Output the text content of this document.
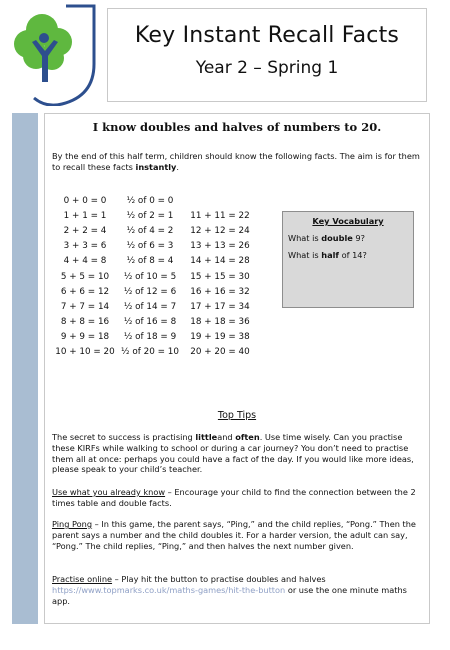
Key Instant Recall Facts
Year 2 – Spring 1
I know doubles and halves of numbers to 20.
By the end of this half term, children should know the following facts. The aim is for them to recall these facts instantly.
0 + 0 = 0	½ of 0 = 0	
1 + 1 = 1	½ of 2 = 1	11 + 11 = 22
2 + 2 = 4	½ of 4 = 2	12 + 12 = 24
3 + 3 = 6	½ of 6 = 3	13 + 13 = 26
4 + 4 = 8	½ of 8 = 4	14 + 14 = 28
5 + 5 = 10	½ of 10 = 5	15 + 15 = 30
6 + 6 = 12	½ of 12 = 6	16 + 16 = 32
7 + 7 = 14	½ of 14 = 7	17 + 17 = 34
8 + 8 = 16	½ of 16 = 8	18 + 18 = 36
9 + 9 = 18	½ of 18 = 9	19 + 19 = 38
10 + 10 = 20	½ of 20 = 10	20 + 20 = 40
Key Vocabulary
What is double 9?
What is half of 14?
Top Tips
The secret to success is practising littleand often. Use time wisely. Can you practise these KIRFs while walking to school or during a car journey? You don’t need to practise them all at once: perhaps you could have a fact of the day. If you would like more ideas, please speak to your child’s teacher.
Use what you already know – Encourage your child to find the connection between the 2 times table and double facts.
Ping Pong – In this game, the parent says, “Ping,” and the child replies, “Pong.” Then the parent says a number and the child doubles it. For a harder version, the adult can say, “Pong.” The child replies, “Ping,” and then halves the next number given.
Practise online – Play hit the button to practise doubles and halves https://www.topmarks.co.uk/maths-games/hit-the-button or use the one minute maths app.
